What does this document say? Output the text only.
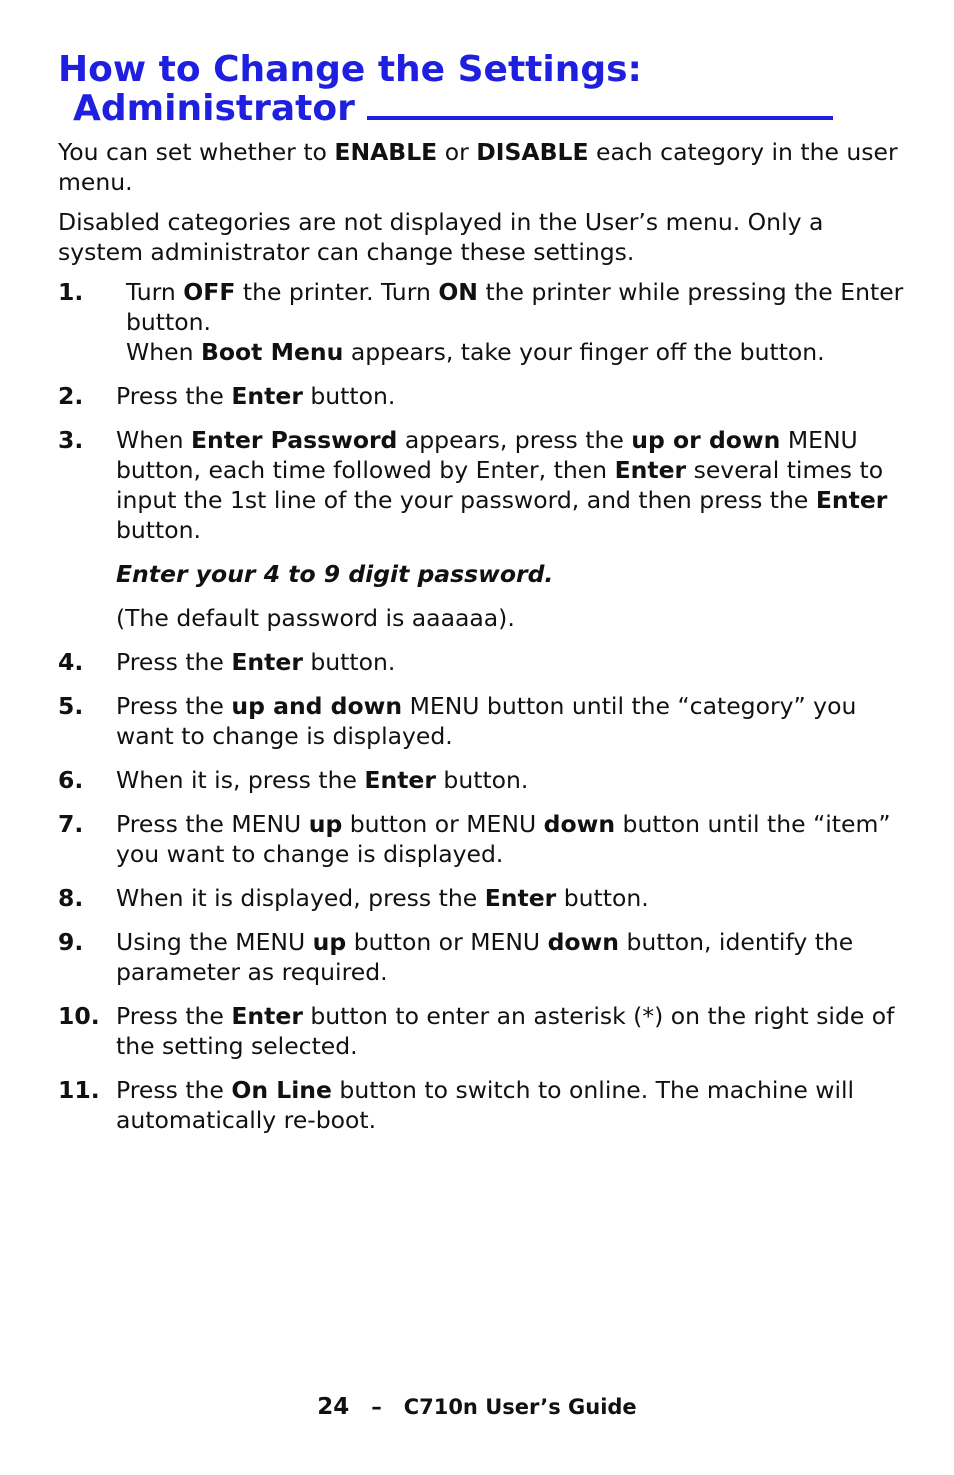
How to Change the Settings:
Administrator

You can set whether to ENABLE or DISABLE each category in the user menu.

Disabled categories are not displayed in the User’s menu. Only a system administrator can change these settings.

1. Turn OFF the printer. Turn ON the printer while pressing the Enter button.

When Boot Menu appears, take your finger off the button.

2. Press the Enter button.

3. When Enter Password appears, press the up or down MENU button, each time followed by Enter, then Enter several times to input the 1st line of the your password, and then press the Enter button.

Enter your 4 to 9 digit password.

(The default password is aaaaaa).

4. Press the Enter button.

5. Press the up and down MENU button until the “category” you want to change is displayed.

6. When it is, press the Enter button.

7. Press the MENU up button or MENU down button until the “item” you want to change is displayed.

8. When it is displayed, press the Enter button.

9. Using the MENU up button or MENU down button, identify the parameter as required.

10. Press the Enter button to enter an asterisk (*) on the right side of the setting selected.

11. Press the On Line button to switch to online. The machine will automatically re-boot.

24 – C710n User’s Guide
